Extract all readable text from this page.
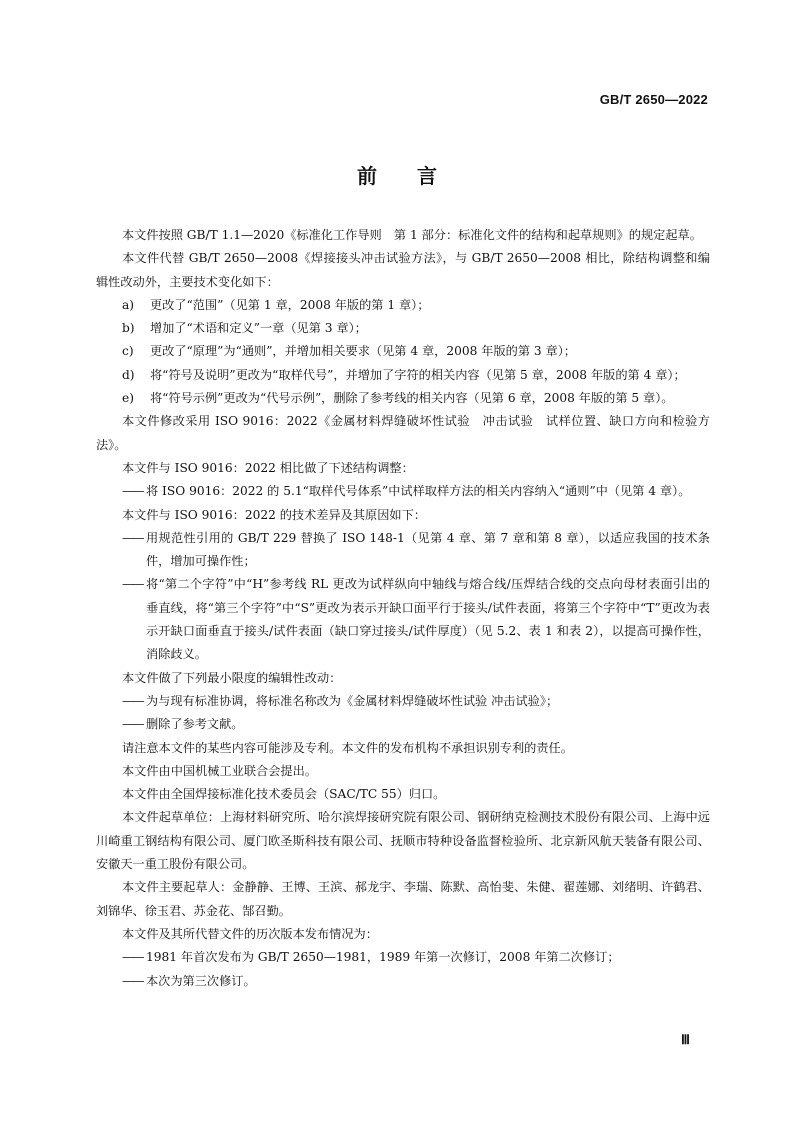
GB/T 2650—2022
前　　言
本文件按照 GB/T 1.1—2020《标准化工作导则　第 1 部分：标准化文件的结构和起草规则》的规定起草。
本文件代替 GB/T 2650—2008《焊接接头冲击试验方法》，与 GB/T 2650—2008 相比，除结构调整和编辑性改动外，主要技术变化如下：
a)	更改了“范围”（见第 1 章，2008 年版的第 1 章）；
b)	增加了“术语和定义”一章（见第 3 章）；
c)	更改了“原理”为“通则”，并增加相关要求（见第 4 章，2008 年版的第 3 章）；
d)	将“符号及说明”更改为“取样代号”，并增加了字符的相关内容（见第 5 章，2008 年版的第 4 章）；
e)	将“符号示例”更改为“代号示例”，删除了参考线的相关内容（见第 6 章，2008 年版的第 5 章）。
本文件修改采用 ISO 9016：2022《金属材料焊缝破坏性试验　冲击试验　试样位置、缺口方向和检验方法》。
本文件与 ISO 9016：2022 相比做了下述结构调整：
—— 将 ISO 9016：2022 的 5.1“取样代号体系”中试样取样方法的相关内容纳入“通则”中（见第 4 章）。
本文件与 ISO 9016：2022 的技术差异及其原因如下：
—— 用规范性引用的 GB/T 229 替换了 ISO 148-1（见第 4 章、第 7 章和第 8 章），以适应我国的技术条件，增加可操作性；
—— 将“第二个字符”中“H”参考线 RL 更改为试样纵向中轴线与熔合线/压焊结合线的交点向母材表面引出的垂直线，将“第三个字符”中“S”更改为表示开缺口面平行于接头/试件表面，将第三个字符中“T”更改为表示开缺口面垂直于接头/试件表面（缺口穿过接头/试件厚度）（见 5.2、表 1 和表 2），以提高可操作性，消除歧义。
本文件做了下列最小限度的编辑性改动：
—— 为与现有标准协调，将标准名称改为《金属材料焊缝破坏性试验 冲击试验》；
—— 删除了参考文献。
请注意本文件的某些内容可能涉及专利。本文件的发布机构不承担识别专利的责任。
本文件由中国机械工业联合会提出。
本文件由全国焊接标准化技术委员会（SAC/TC 55）归口。
本文件起草单位：上海材料研究所、哈尔滨焊接研究院有限公司、钢研纳克检测技术股份有限公司、上海中远川崎重工钢结构有限公司、厦门欧圣斯科技有限公司、抚顺市特种设备监督检验所、北京新风航天装备有限公司、安徽天一重工股份有限公司。
本文件主要起草人：金静静、王博、王滨、郝龙宇、李瑞、陈默、高怡斐、朱健、翟莲娜、刘绪明、许鹤君、刘锦华、徐玉君、苏金花、郜召勤。
本文件及其所代替文件的历次版本发布情况为：
—— 1981 年首次发布为 GB/T 2650—1981，1989 年第一次修订，2008 年第二次修订；
—— 本次为第三次修订。
Ⅲ
